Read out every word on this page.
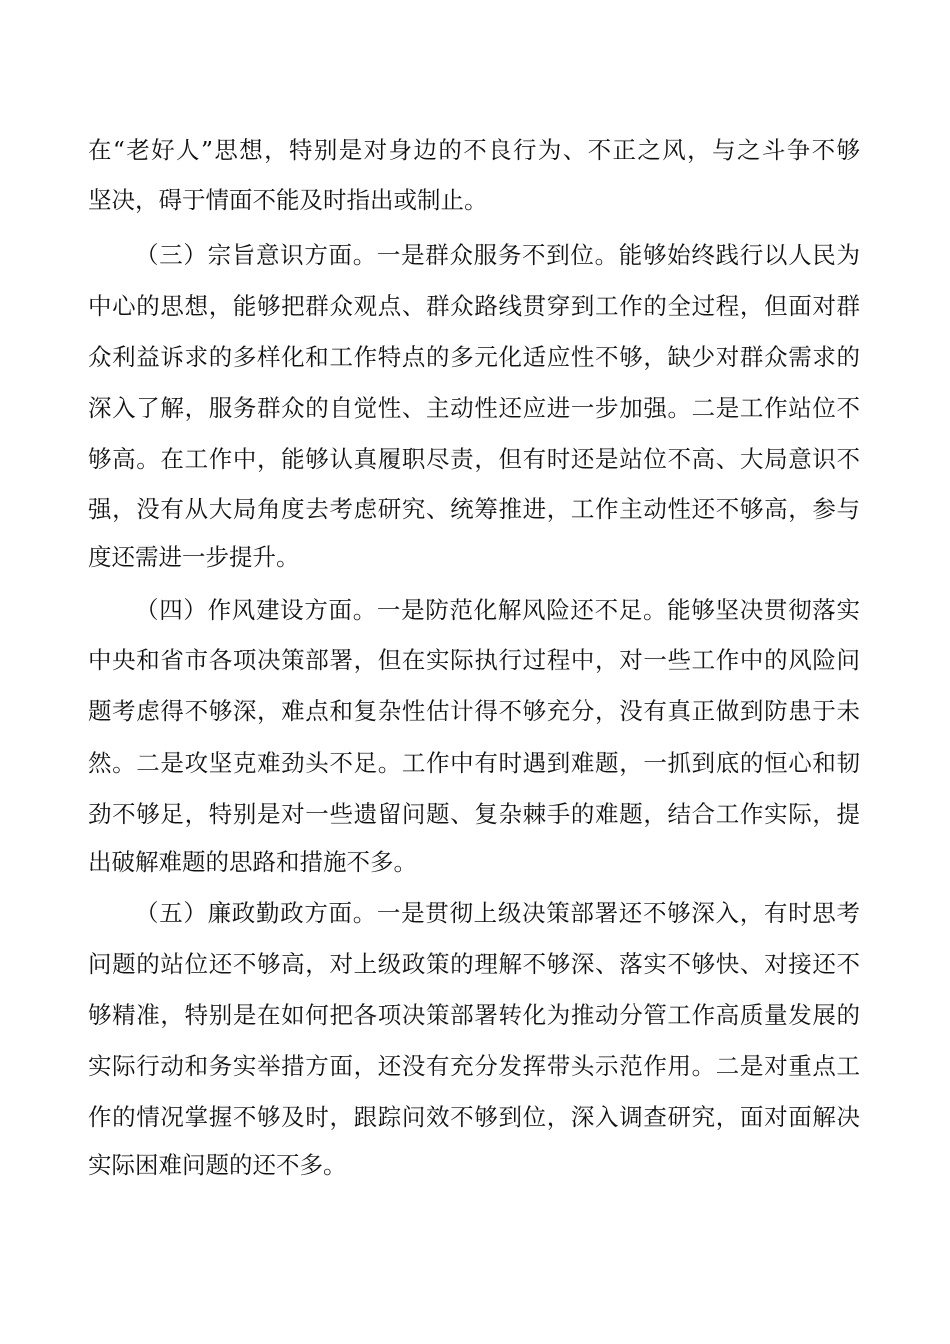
在“老好人”思想，特别是对身边的不良行为、不正之风，与之斗争不够
坚决，碍于情面不能及时指出或制止。
（三）宗旨意识方面。一是群众服务不到位。能够始终践行以人民为
中心的思想，能够把群众观点、群众路线贯穿到工作的全过程，但面对群
众利益诉求的多样化和工作特点的多元化适应性不够，缺少对群众需求的
深入了解，服务群众的自觉性、主动性还应进一步加强。二是工作站位不
够高。在工作中，能够认真履职尽责，但有时还是站位不高、大局意识不
强，没有从大局角度去考虑研究、统筹推进，工作主动性还不够高，参与
度还需进一步提升。
（四）作风建设方面。一是防范化解风险还不足。能够坚决贯彻落实
中央和省市各项决策部署，但在实际执行过程中，对一些工作中的风险问
题考虑得不够深，难点和复杂性估计得不够充分，没有真正做到防患于未
然。二是攻坚克难劲头不足。工作中有时遇到难题，一抓到底的恒心和韧
劲不够足，特别是对一些遗留问题、复杂棘手的难题，结合工作实际，提
出破解难题的思路和措施不多。
（五）廉政勤政方面。一是贯彻上级决策部署还不够深入，有时思考
问题的站位还不够高，对上级政策的理解不够深、落实不够快、对接还不
够精准，特别是在如何把各项决策部署转化为推动分管工作高质量发展的
实际行动和务实举措方面，还没有充分发挥带头示范作用。二是对重点工
作的情况掌握不够及时，跟踪问效不够到位，深入调查研究，面对面解决
实际困难问题的还不多。
